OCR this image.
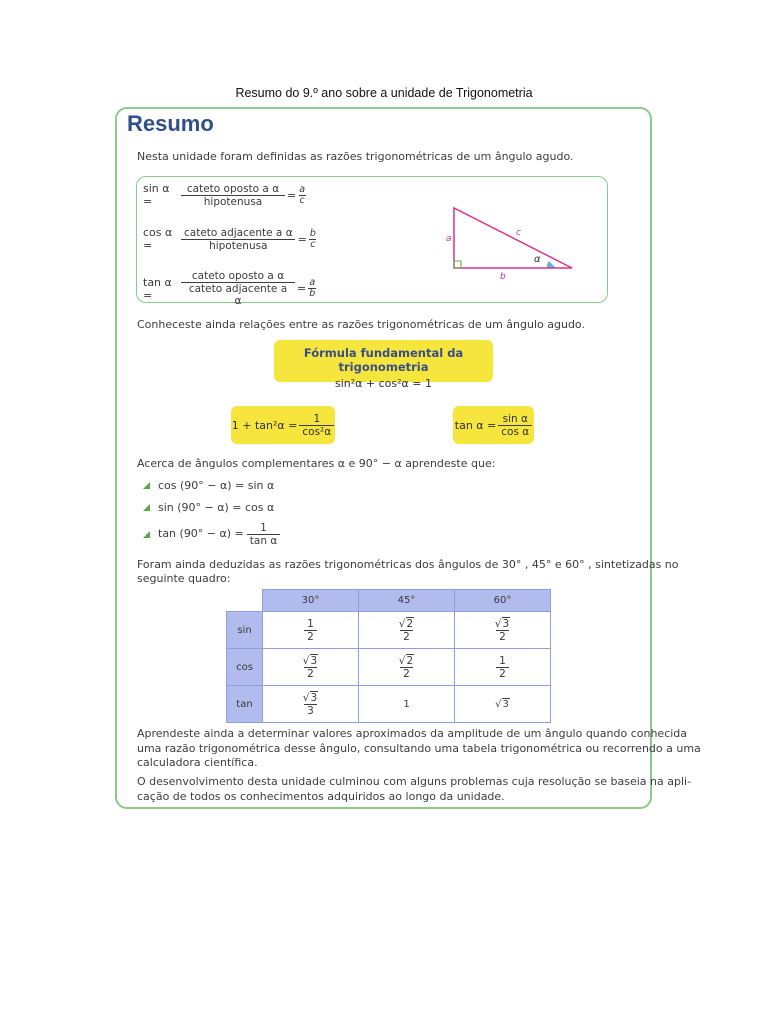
Resumo do 9.º ano sobre a unidade de Trigonometria
Resumo
Nesta unidade foram definidas as razões trigonométricas de um ângulo agudo.
sin α =	$\frac{\text{cateto oposto a α}}{\text{hipotenusa}} = \frac{a}{c}$
cos α =	$\frac{\text{cateto adjacente a α}}{\text{hipotenusa}} = \frac{b}{c}$
tan α =	$\frac{\text{cateto oposto a α}}{\text{cateto adjacente a α}} = \frac{a}{b}$
a
c
b
α
Conheceste ainda relações entre as razões trigonométricas de um ângulo agudo.
Fórmula fundamental da trigonometria
sin²α + cos²α = 1
$1 + \tan^2\alpha = \frac{1}{\text{cos²α}}$	$\tan \alpha = \frac{\text{sin α}}{\text{cos α}}$
Acerca de ângulos complementares α e 90° − α aprendeste que:
cos (90° − α) = sin α
sin (90° − α) = cos α
$\tan (90^\circ - \alpha) = \frac{1}{\text{tan α}}$
Foram ainda deduzidas as razões trigonométricas dos ângulos de 30° , 45° e 60° , sintetizadas no
seguinte quadro:
	30°	45°	60°
sin	$\frac{1}{2}$	$\frac{√2}{2}$	$\frac{√3}{2}$

cos	$\frac{√3}{2}$	$\frac{√2}{2}$	$\frac{1}{2}$

tan	$\frac{√3}{3}$	1	√3
Aprendeste ainda a determinar valores aproximados da amplitude de um ângulo quando conhecida
uma razão trigonométrica desse ângulo, consultando uma tabela trigonométrica ou recorrendo a uma
calculadora científica.
O desenvolvimento desta unidade culminou com alguns problemas cuja resolução se baseia na apli-
cação de todos os conhecimentos adquiridos ao longo da unidade.
